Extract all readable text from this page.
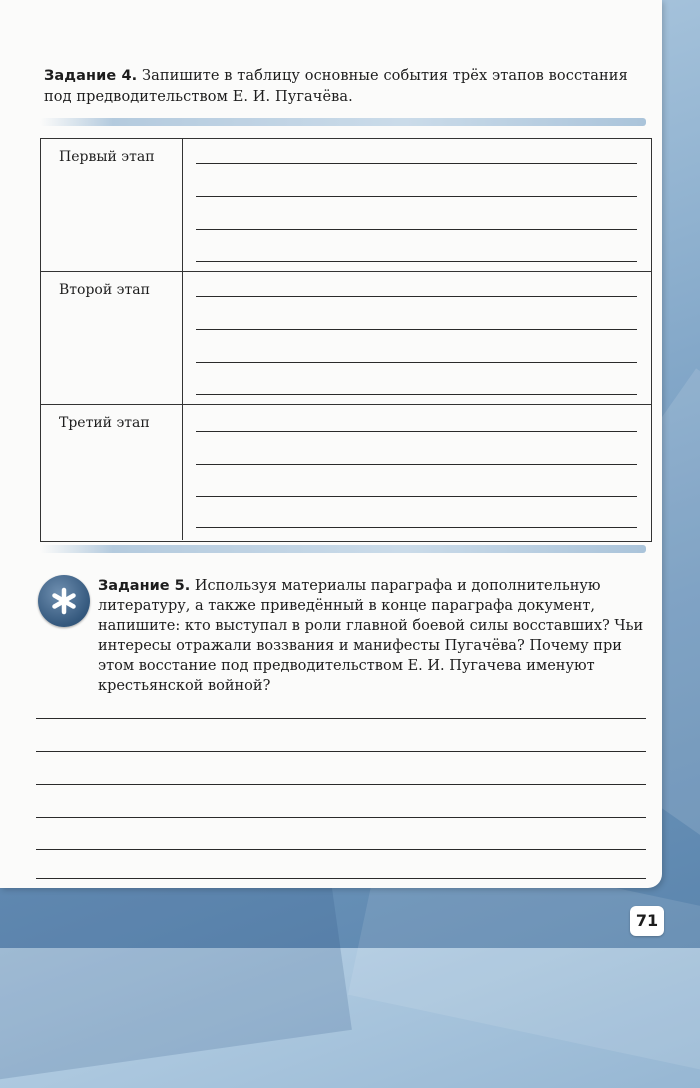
Задание 4. Запишите в таблицу основные события трёх этапов восстания под предводительством Е. И. Пугачёва.
Первый этап
Второй этап
Третий этап
Задание 5. Используя материалы параграфа и дополнительную литературу, а также приведённый в конце параграфа документ, напишите: кто выступал в роли главной боевой силы восставших? Чьи интересы отражали воззвания и манифесты Пугачёва? Почему при этом восстание под предводительством Е. И. Пугачева именуют крестьянской войной?
71
